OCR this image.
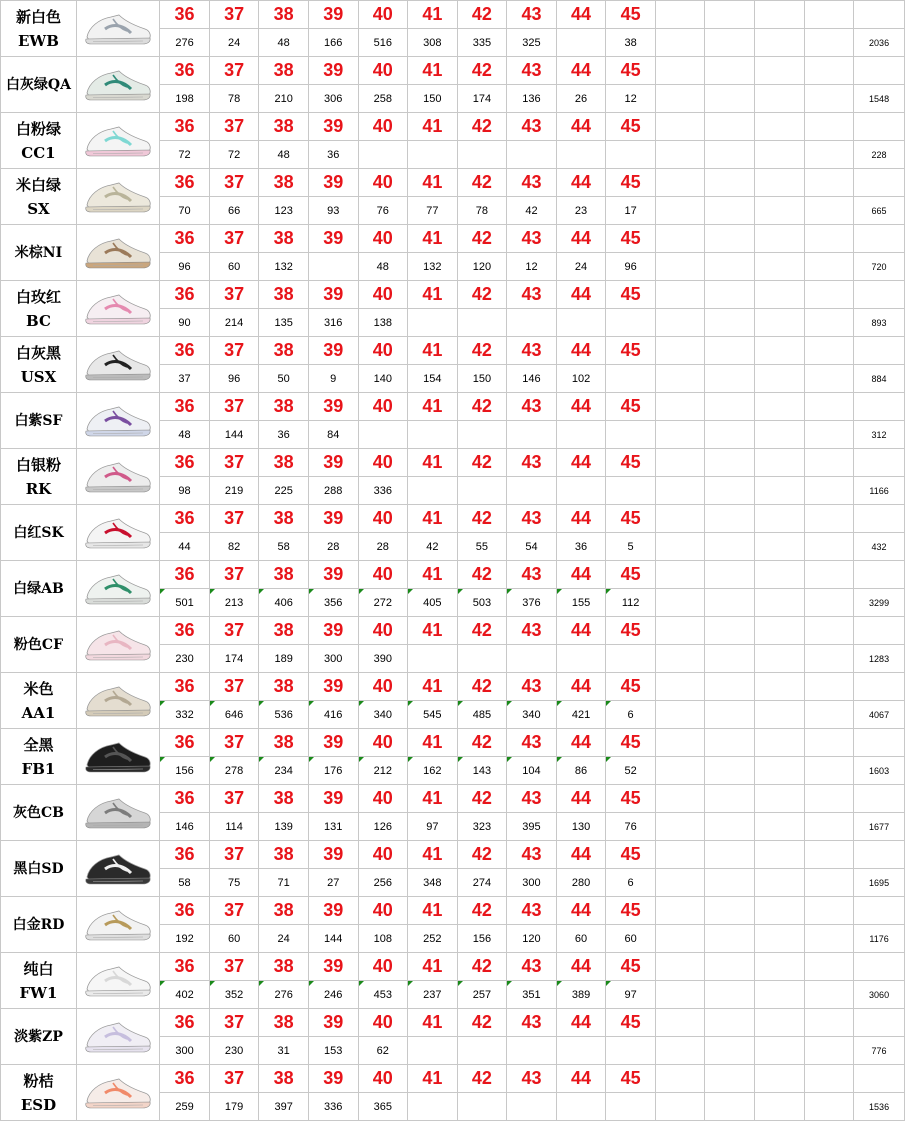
新白色
EWB		36	37	38	39	40	41	42	43	44	45					
		276	24	48	166	516	308	335	325		38					2036

白灰绿QA		36	37	38	39	40	41	42	43	44	45					
		198	78	210	306	258	150	174	136	26	12					1548

白粉绿
CC1		36	37	38	39	40	41	42	43	44	45					
		72	72	48	36											228

米白绿
SX		36	37	38	39	40	41	42	43	44	45					
		70	66	123	93	76	77	78	42	23	17					665

米棕NI		36	37	38	39	40	41	42	43	44	45					
		96	60	132		48	132	120	12	24	96					720

白玫红
BC		36	37	38	39	40	41	42	43	44	45					
		90	214	135	316	138										893

白灰黑
USX		36	37	38	39	40	41	42	43	44	45					
		37	96	50	9	140	154	150	146	102						884

白紫SF		36	37	38	39	40	41	42	43	44	45					
		48	144	36	84											312

白银粉
RK		36	37	38	39	40	41	42	43	44	45					
		98	219	225	288	336										1166

白红SK		36	37	38	39	40	41	42	43	44	45					
		44	82	58	28	28	42	55	54	36	5					432

白绿AB		36	37	38	39	40	41	42	43	44	45					
		501	213	406	356	272	405	503	376	155	112					3299

粉色CF		36	37	38	39	40	41	42	43	44	45					
		230	174	189	300	390										1283

米色
AA1		36	37	38	39	40	41	42	43	44	45					
		332	646	536	416	340	545	485	340	421	6					4067

全黑
FB1		36	37	38	39	40	41	42	43	44	45					
		156	278	234	176	212	162	143	104	86	52					1603

灰色CB		36	37	38	39	40	41	42	43	44	45					
		146	114	139	131	126	97	323	395	130	76					1677

黑白SD		36	37	38	39	40	41	42	43	44	45					
		58	75	71	27	256	348	274	300	280	6					1695

白金RD		36	37	38	39	40	41	42	43	44	45					
		192	60	24	144	108	252	156	120	60	60					1176

纯白
FW1		36	37	38	39	40	41	42	43	44	45					
		402	352	276	246	453	237	257	351	389	97					3060

淡紫ZP		36	37	38	39	40	41	42	43	44	45					
		300	230	31	153	62										776

粉桔
ESD		36	37	38	39	40	41	42	43	44	45					
		259	179	397	336	365										1536
